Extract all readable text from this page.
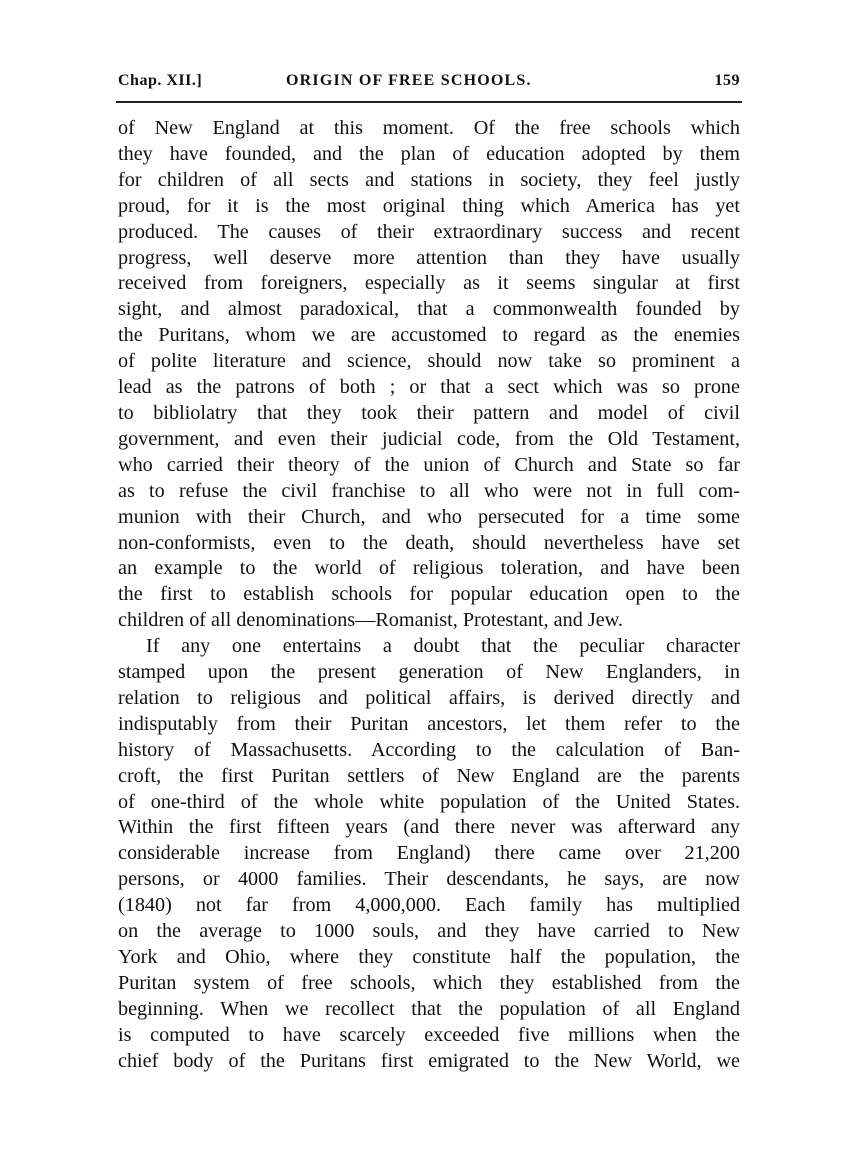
Chap. XII.]	ORIGIN OF FREE SCHOOLS.	159
of New England at this moment. Of the free schools which
they have founded, and the plan of education adopted by them
for children of all sects and stations in society, they feel justly
proud, for it is the most original thing which America has yet
produced. The causes of their extraordinary success and recent
progress, well deserve more attention than they have usually
received from foreigners, especially as it seems singular at first
sight, and almost paradoxical, that a commonwealth founded by
the Puritans, whom we are accustomed to regard as the enemies
of polite literature and science, should now take so prominent a
lead as the patrons of both ; or that a sect which was so prone
to bibliolatry that they took their pattern and model of civil
government, and even their judicial code, from the Old Testament,
who carried their theory of the union of Church and State so far
as to refuse the civil franchise to all who were not in full com-
munion with their Church, and who persecuted for a time some
non-conformists, even to the death, should nevertheless have set
an example to the world of religious toleration, and have been
the first to establish schools for popular education open to the
children of all denominations—Romanist, Protestant, and Jew.
If any one entertains a doubt that the peculiar character
stamped upon the present generation of New Englanders, in
relation to religious and political affairs, is derived directly and
indisputably from their Puritan ancestors, let them refer to the
history of Massachusetts. According to the calculation of Ban-
croft, the first Puritan settlers of New England are the parents
of one-third of the whole white population of the United States.
Within the first fifteen years (and there never was afterward any
considerable increase from England) there came over 21,200
persons, or 4000 families. Their descendants, he says, are now
(1840) not far from 4,000,000. Each family has multiplied
on the average to 1000 souls, and they have carried to New
York and Ohio, where they constitute half the population, the
Puritan system of free schools, which they established from the
beginning. When we recollect that the population of all England
is computed to have scarcely exceeded five millions when the
chief body of the Puritans first emigrated to the New World, we
